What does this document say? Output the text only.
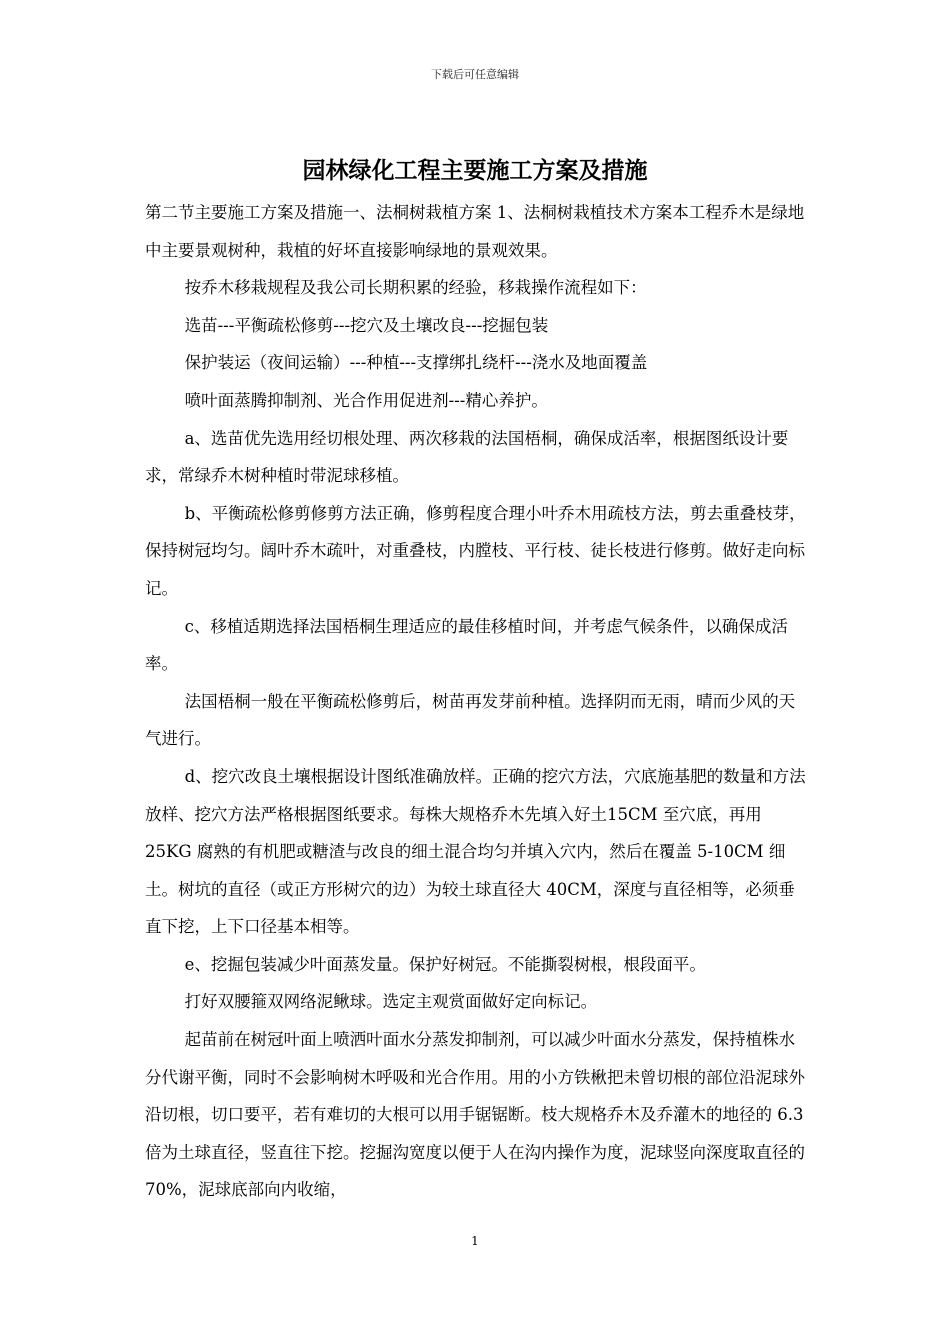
下载后可任意编辑
园林绿化工程主要施工方案及措施

第二节主要施工方案及措施一、法桐树栽植方案 1、法桐树栽植技术方案本工程乔木是绿地中主要景观树种，栽植的好坏直接影响绿地的景观效果。

按乔木移栽规程及我公司长期积累的经验，移栽操作流程如下：

选苗---平衡疏松修剪---挖穴及土壤改良---挖掘包装

保护装运（夜间运输）---种植---支撑绑扎绕杆---浇水及地面覆盖

喷叶面蒸腾抑制剂、光合作用促进剂---精心养护。

a、选苗优先选用经切根处理、两次移栽的法国梧桐，确保成活率，根据图纸设计要求，常绿乔木树种植时带泥球移植。

b、平衡疏松修剪修剪方法正确，修剪程度合理小叶乔木用疏枝方法，剪去重叠枝芽，保持树冠均匀。阔叶乔木疏叶，对重叠枝，内膛枝、平行枝、徒长枝进行修剪。做好走向标记。

c、移植适期选择法国梧桐生理适应的最佳移植时间，并考虑气候条件，以确保成活率。

法国梧桐一般在平衡疏松修剪后，树苗再发芽前种植。选择阴而无雨，晴而少风的天气进行。

d、挖穴改良土壤根据设计图纸准确放样。正确的挖穴方法，穴底施基肥的数量和方法放样、挖穴方法严格根据图纸要求。每株大规格乔木先填入好土15CM 至穴底，再用 25KG 腐熟的有机肥或糖渣与改良的细土混合均匀并填入穴内，然后在覆盖 5-10CM 细土。树坑的直径（或正方形树穴的边）为较土球直径大 40CM，深度与直径相等，必须垂直下挖，上下口径基本相等。

e、挖掘包装减少叶面蒸发量。保护好树冠。不能撕裂树根，根段面平。

打好双腰箍双网络泥鳅球。选定主观赏面做好定向标记。

起苗前在树冠叶面上喷洒叶面水分蒸发抑制剂，可以减少叶面水分蒸发，保持植株水分代谢平衡，同时不会影响树木呼吸和光合作用。用的小方铁楸把未曾切根的部位沿泥球外沿切根，切口要平，若有难切的大根可以用手锯锯断。枝大规格乔木及乔灌木的地径的 6.3 倍为土球直径，竖直往下挖。挖掘沟宽度以便于人在沟内操作为度，泥球竖向深度取直径的 70%，泥球底部向内收缩，

1
